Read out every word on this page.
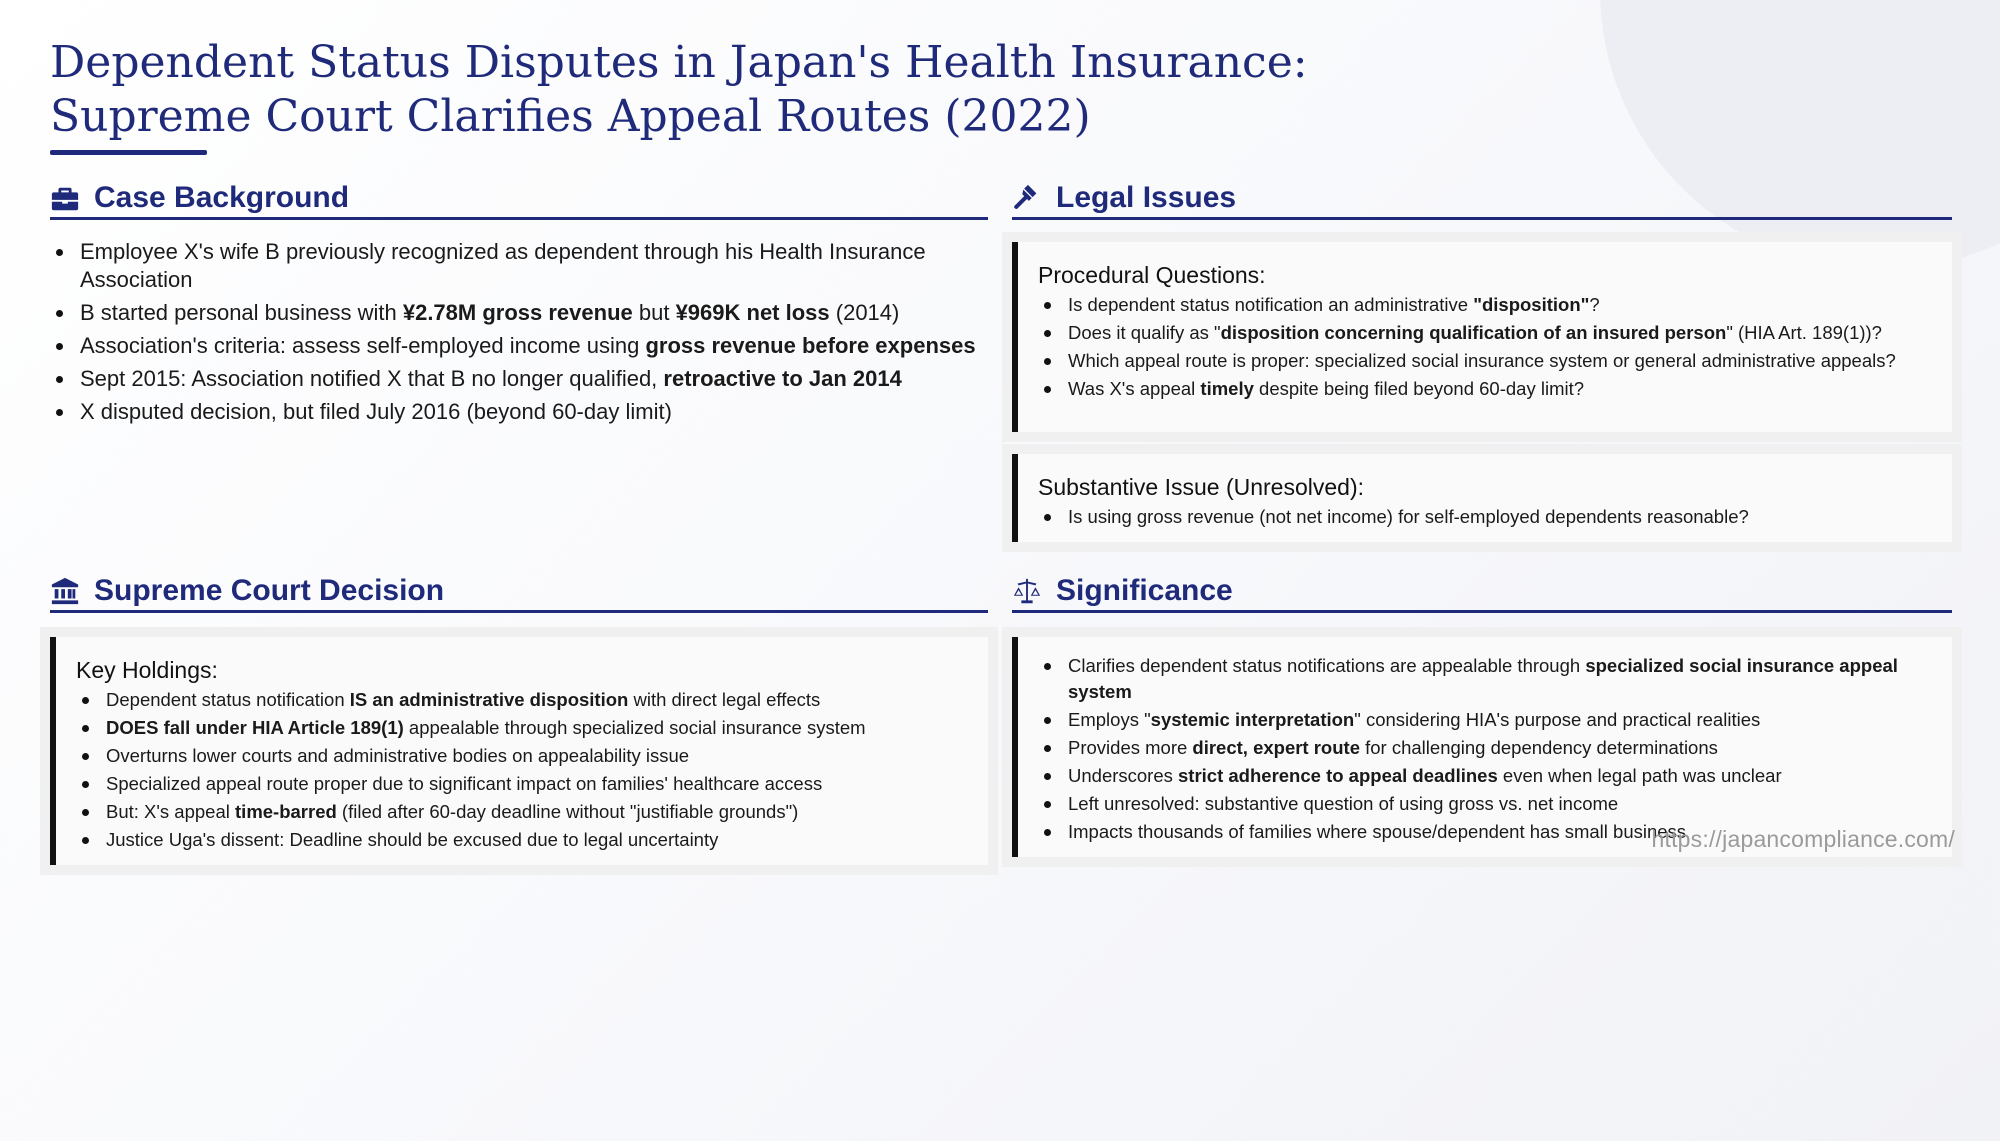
Dependent Status Disputes in Japan's Health Insurance:
Supreme Court Clarifies Appeal Routes (2022)
Case Background
Employee X's wife B previously recognized as dependent through his Health Insurance Association
B started personal business with ¥2.78M gross revenue but ¥969K net loss (2014)
Association's criteria: assess self-employed income using gross revenue before expenses
Sept 2015: Association notified X that B no longer qualified, retroactive to Jan 2014
X disputed decision, but filed July 2016 (beyond 60-day limit)
Legal Issues
Procedural Questions:
Is dependent status notification an administrative "disposition"?
Does it qualify as "disposition concerning qualification of an insured person" (HIA Art. 189(1))?
Which appeal route is proper: specialized social insurance system or general administrative appeals?
Was X's appeal timely despite being filed beyond 60-day limit?
Substantive Issue (Unresolved):
Is using gross revenue (not net income) for self-employed dependents reasonable?
Supreme Court Decision
Key Holdings:
Dependent status notification IS an administrative disposition with direct legal effects
DOES fall under HIA Article 189(1) appealable through specialized social insurance system
Overturns lower courts and administrative bodies on appealability issue
Specialized appeal route proper due to significant impact on families' healthcare access
But: X's appeal time-barred (filed after 60-day deadline without "justifiable grounds")
Justice Uga's dissent: Deadline should be excused due to legal uncertainty
Significance
Clarifies dependent status notifications are appealable through specialized social insurance appeal system
Employs "systemic interpretation" considering HIA's purpose and practical realities
Provides more direct, expert route for challenging dependency determinations
Underscores strict adherence to appeal deadlines even when legal path was unclear
Left unresolved: substantive question of using gross vs. net income
Impacts thousands of families where spouse/dependent has small business
https://japancompliance.com/
